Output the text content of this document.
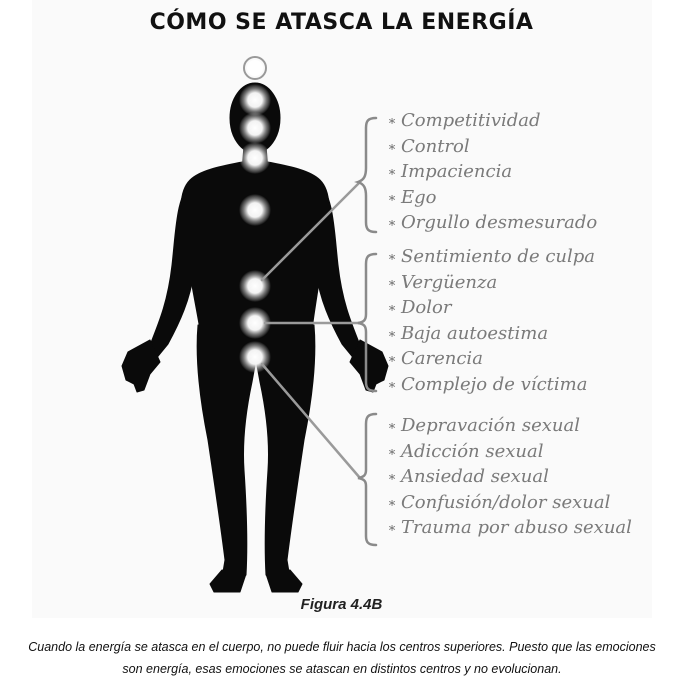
CÓMO SE ATASCA LA ENERGÍA
∗ Competitividad
∗ Control
∗ Impaciencia
∗ Ego
∗ Orgullo desmesurado
∗ Sentimiento de culpa
∗ Vergüenza
∗ Dolor
∗ Baja autoestima
∗ Carencia
∗ Complejo de víctima
∗ Depravación sexual
∗ Adicción sexual
∗ Ansiedad sexual
∗ Confusión/dolor sexual
∗ Trauma por abuso sexual
Figura 4.4B
Cuando la energía se atasca en el cuerpo, no puede fluir hacia los centros superiores. Puesto que las emociones son energía, esas emociones se atascan en distintos centros y no evolucionan.
